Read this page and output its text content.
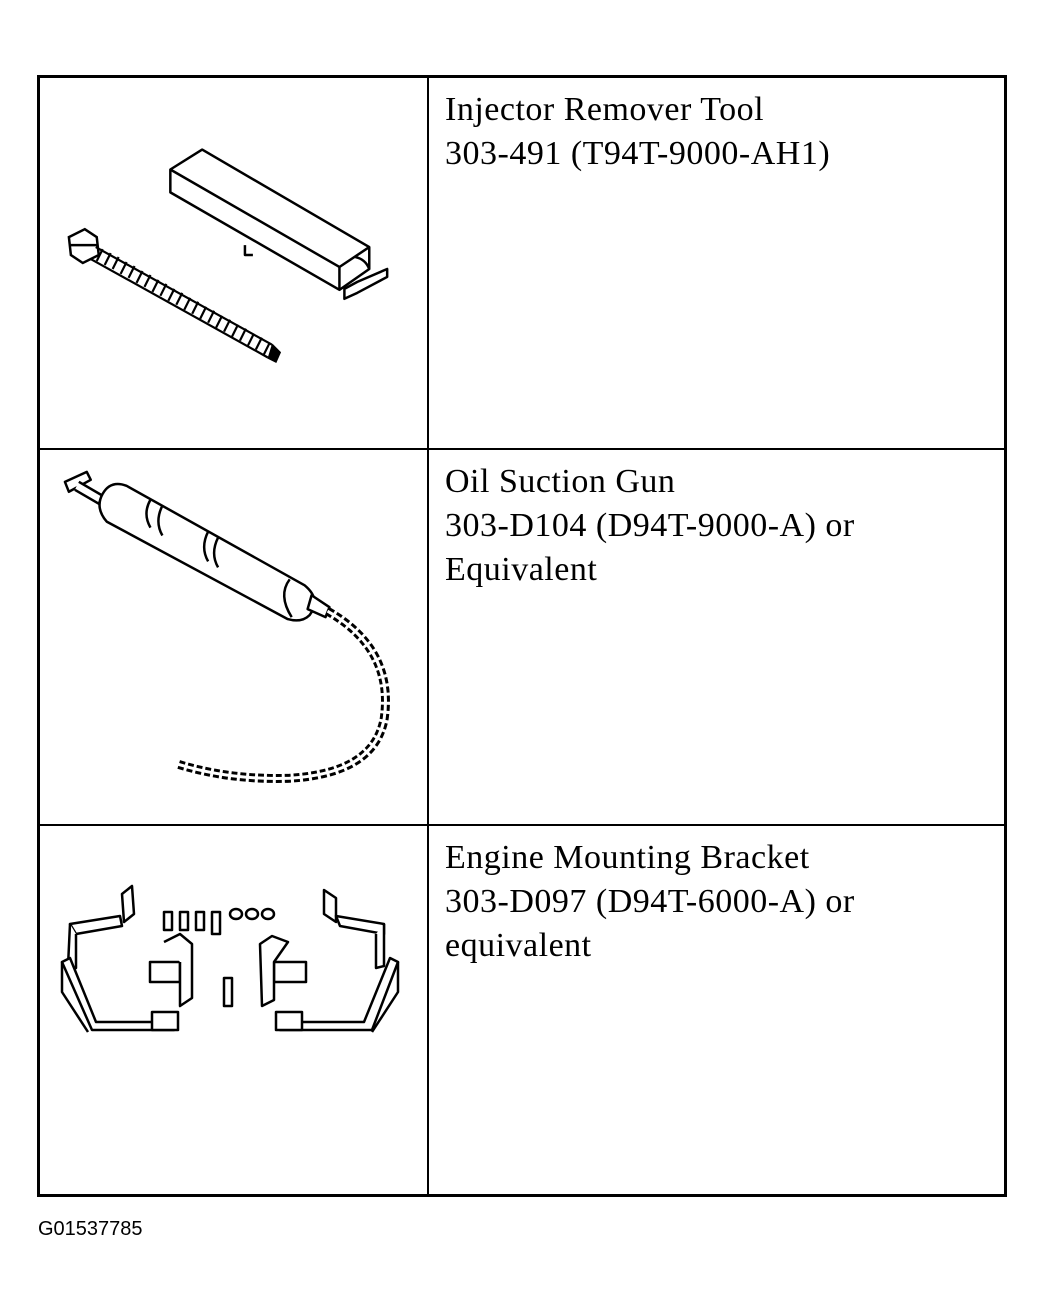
Injector Remover Tool
303-491 (T94T-9000-AH1)
Oil Suction Gun
303-D104 (D94T-9000-A) or
Equivalent
Engine Mounting Bracket
303-D097 (D94T-6000-A) or
equivalent
G01537785
